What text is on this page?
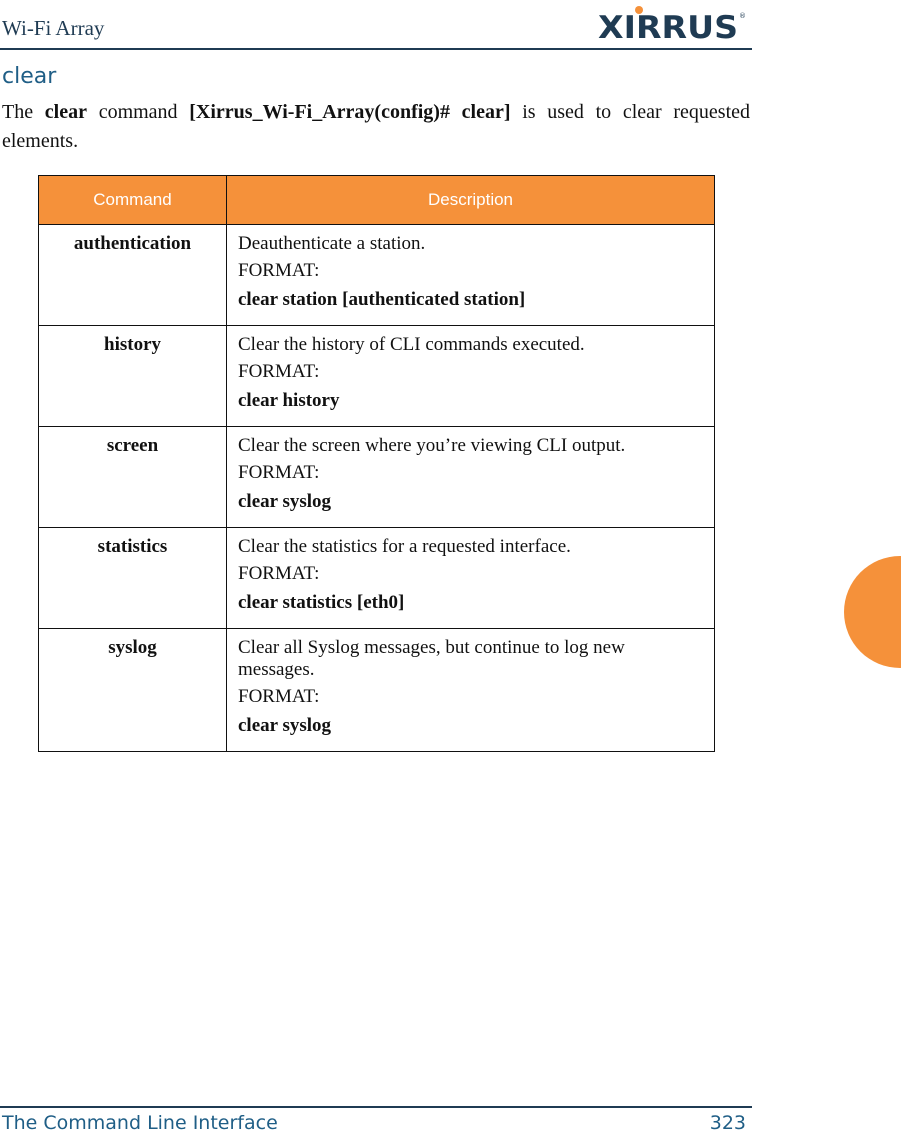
Wi-Fi Array	XIRRUS ®
clear
The clear command [Xirrus_Wi-Fi_Array(config)# clear] is used to clear requested elements.
Command	Description
authentication	Deauthenticate a station.
FORMAT:
clear station [authenticated station]

history	Clear the history of CLI commands executed.
FORMAT:
clear history

screen	Clear the screen where you’re viewing CLI output.
FORMAT:
clear syslog

statistics	Clear the statistics for a requested interface.
FORMAT:
clear statistics [eth0]

syslog	Clear all Syslog messages, but continue to log new messages.
FORMAT:
clear syslog
The Command Line Interface	323
